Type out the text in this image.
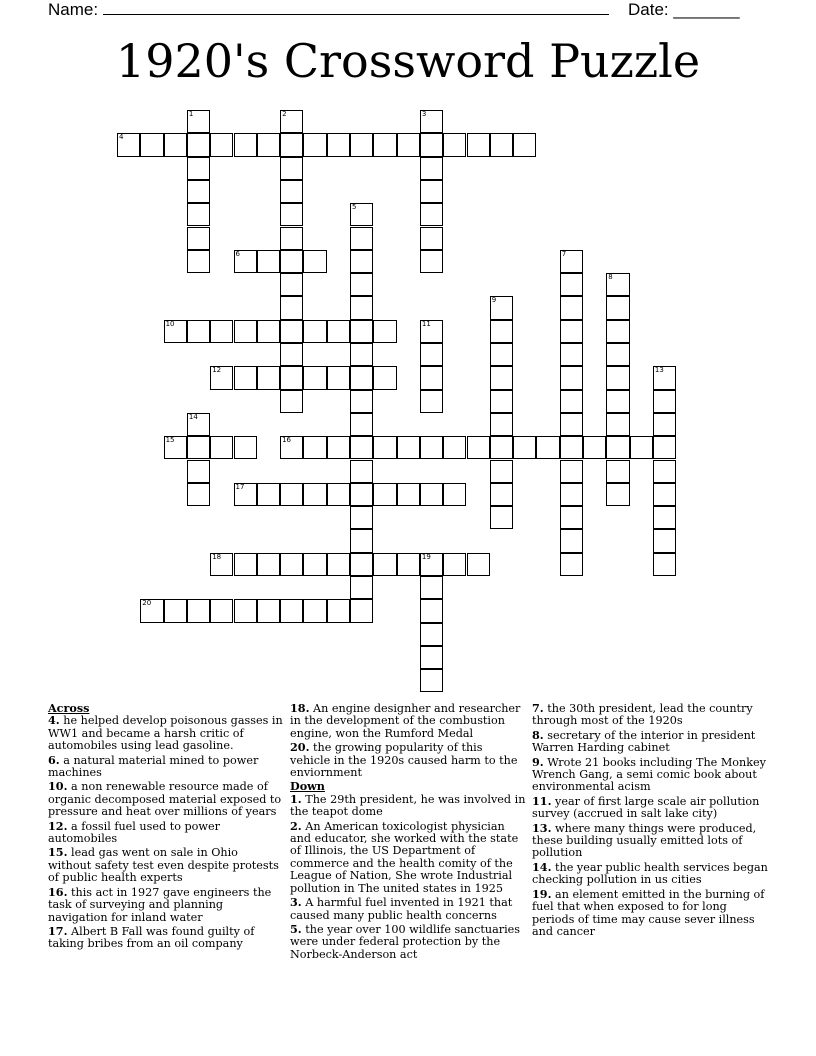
Name:	Date: _______
1920's Crossword Puzzle
4
6
10
12
15	16
17
18	19
20
1	2	3
5
7
8
9
11
13
14
Across

4. he helped develop poisonous gasses in WW1 and became a harsh critic of automobiles using lead gasoline.

6. a natural material mined to power machines

10. a non renewable resource made of organic decomposed material exposed to pressure and heat over millions of years

12. a fossil fuel used to power automobiles

15. lead gas went on sale in Ohio without safety test even despite protests of public health experts

16. this act in 1927 gave engineers the task of surveying and planning navigation for inland water

17. Albert B Fall was found guilty of taking bribes from an oil company

18. An engine designher and researcher in the development of the combustion engine, won the Rumford Medal

20. the growing popularity of this vehicle in the 1920s caused harm to the enviornment

Down

1. The 29th president, he was involved in the teapot dome

2. An American toxicologist physician and educator, she worked with the state of Illinois, the US Department of commerce and the health comity of the League of Nation, She wrote Industrial pollution in The united states in 1925

3. A harmful fuel invented in 1921 that caused many public health concerns

5. the year over 100 wildlife sanctuaries were under federal protection by the Norbeck-Anderson act

7. the 30th president, lead the country through most of the 1920s

8. secretary of the interior in president Warren Harding cabinet

9. Wrote 21 books including The Monkey Wrench Gang, a semi comic book about environmental acism

11. year of first large scale air pollution survey (accrued in salt lake city)

13. where many things were produced, these building usually emitted lots of pollution

14. the year public health services began checking pollution in us cities

19. an element emitted in the burning of fuel that when exposed to for long periods of time may cause sever illness and cancer
